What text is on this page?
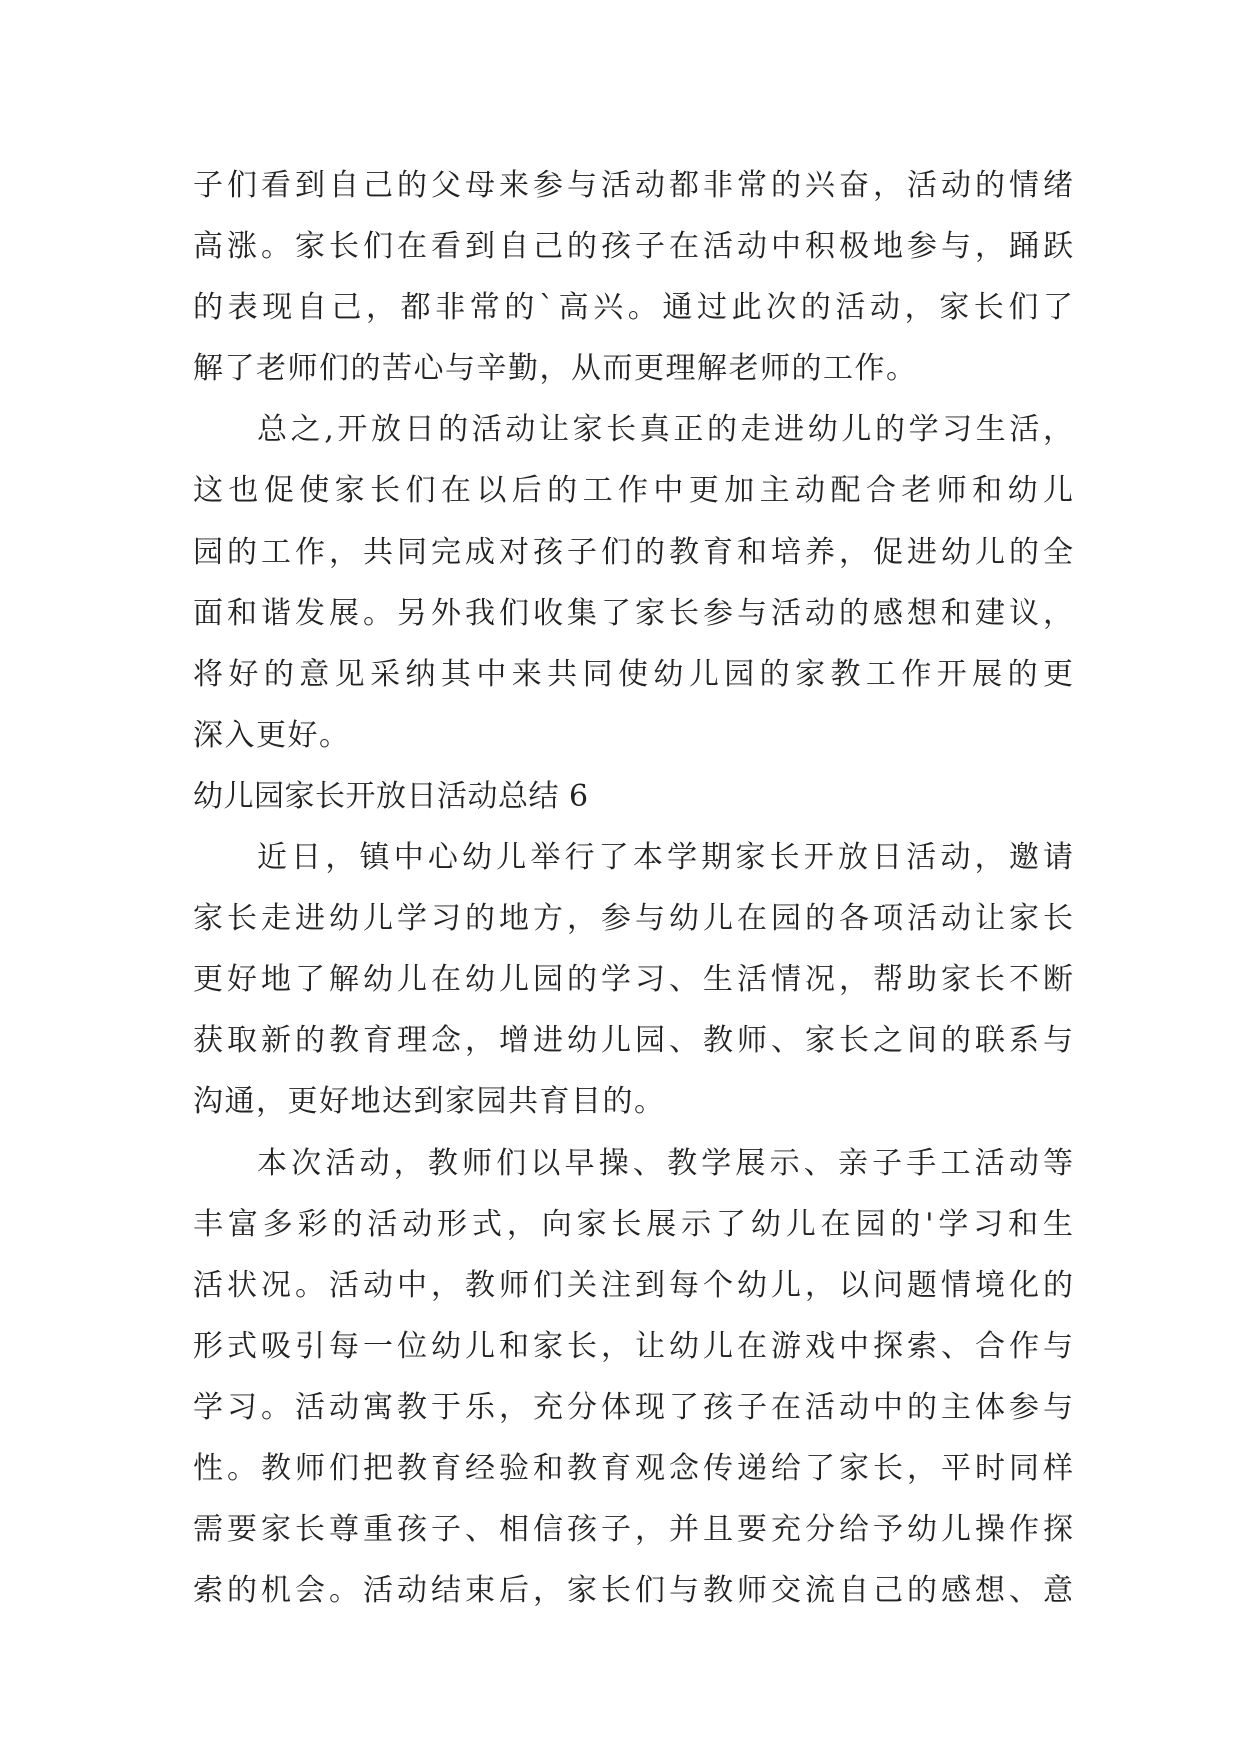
子们看到自己的父母来参与活动都非常的兴奋，活动的情绪
高涨。家长们在看到自己的孩子在活动中积极地参与，踊跃
的表现自己，都非常的`高兴。通过此次的活动，家长们了
解了老师们的苦心与辛勤，从而更理解老师的工作。
总之,开放日的活动让家长真正的走进幼儿的学习生活，
这也促使家长们在以后的工作中更加主动配合老师和幼儿
园的工作，共同完成对孩子们的教育和培养，促进幼儿的全
面和谐发展。另外我们收集了家长参与活动的感想和建议，
将好的意见采纳其中来共同使幼儿园的家教工作开展的更
深入更好。
幼儿园家长开放日活动总结 6
近日，镇中心幼儿举行了本学期家长开放日活动，邀请
家长走进幼儿学习的地方，参与幼儿在园的各项活动让家长
更好地了解幼儿在幼儿园的学习、生活情况，帮助家长不断
获取新的教育理念，增进幼儿园、教师、家长之间的联系与
沟通，更好地达到家园共育目的。
本次活动，教师们以早操、教学展示、亲子手工活动等
丰富多彩的活动形式，向家长展示了幼儿在园的'学习和生
活状况。活动中，教师们关注到每个幼儿，以问题情境化的
形式吸引每一位幼儿和家长，让幼儿在游戏中探索、合作与
学习。活动寓教于乐，充分体现了孩子在活动中的主体参与
性。教师们把教育经验和教育观念传递给了家长，平时同样
需要家长尊重孩子、相信孩子，并且要充分给予幼儿操作探
索的机会。活动结束后，家长们与教师交流自己的感想、意
